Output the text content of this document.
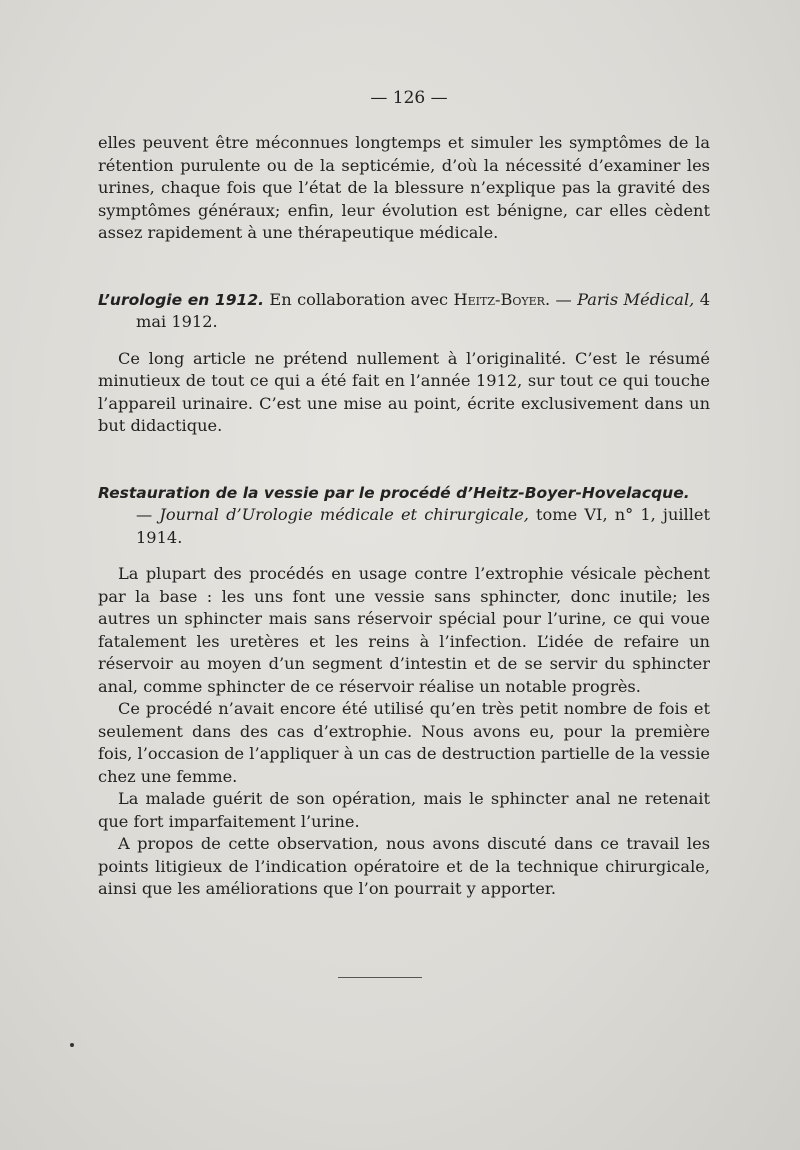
— 126 —

elles peuvent être méconnues longtemps et simuler les symptômes de la rétention purulente ou de la septicémie, d’où la nécessité d’examiner les urines, chaque fois que l’état de la blessure n’explique pas la gravité des symptômes généraux; enfin, leur évolution est bénigne, car elles cèdent assez rapidement à une thérapeutique médicale.

L’urologie en 1912. En collaboration avec Heitz-Boyer. — Paris Médical, 4 mai 1912.

Ce long article ne prétend nullement à l’originalité. C’est le résumé minutieux de tout ce qui a été fait en l’année 1912, sur tout ce qui touche l’appareil urinaire. C’est une mise au point, écrite exclusivement dans un but didactique.

Restauration de la vessie par le procédé d’Heitz-Boyer-Hovelacque.
— Journal d’Urologie médicale et chirurgicale, tome VI, n° 1, juillet 1914.

La plupart des procédés en usage contre l’extrophie vésicale pèchent par la base : les uns font une vessie sans sphincter, donc inutile; les autres un sphincter mais sans réservoir spécial pour l’urine, ce qui voue fatalement les uretères et les reins à l’infection. L’idée de refaire un réservoir au moyen d’un segment d’intestin et de se servir du sphincter anal, comme sphincter de ce réservoir réalise un notable progrès.

Ce procédé n’avait encore été utilisé qu’en très petit nombre de fois et seulement dans des cas d’extrophie. Nous avons eu, pour la première fois, l’occasion de l’appliquer à un cas de destruction partielle de la vessie chez une femme.

La malade guérit de son opération, mais le sphincter anal ne retenait que fort imparfaitement l’urine.

A propos de cette observation, nous avons discuté dans ce travail les points litigieux de l’indication opératoire et de la technique chirurgicale, ainsi que les améliorations que l’on pourrait y apporter.
